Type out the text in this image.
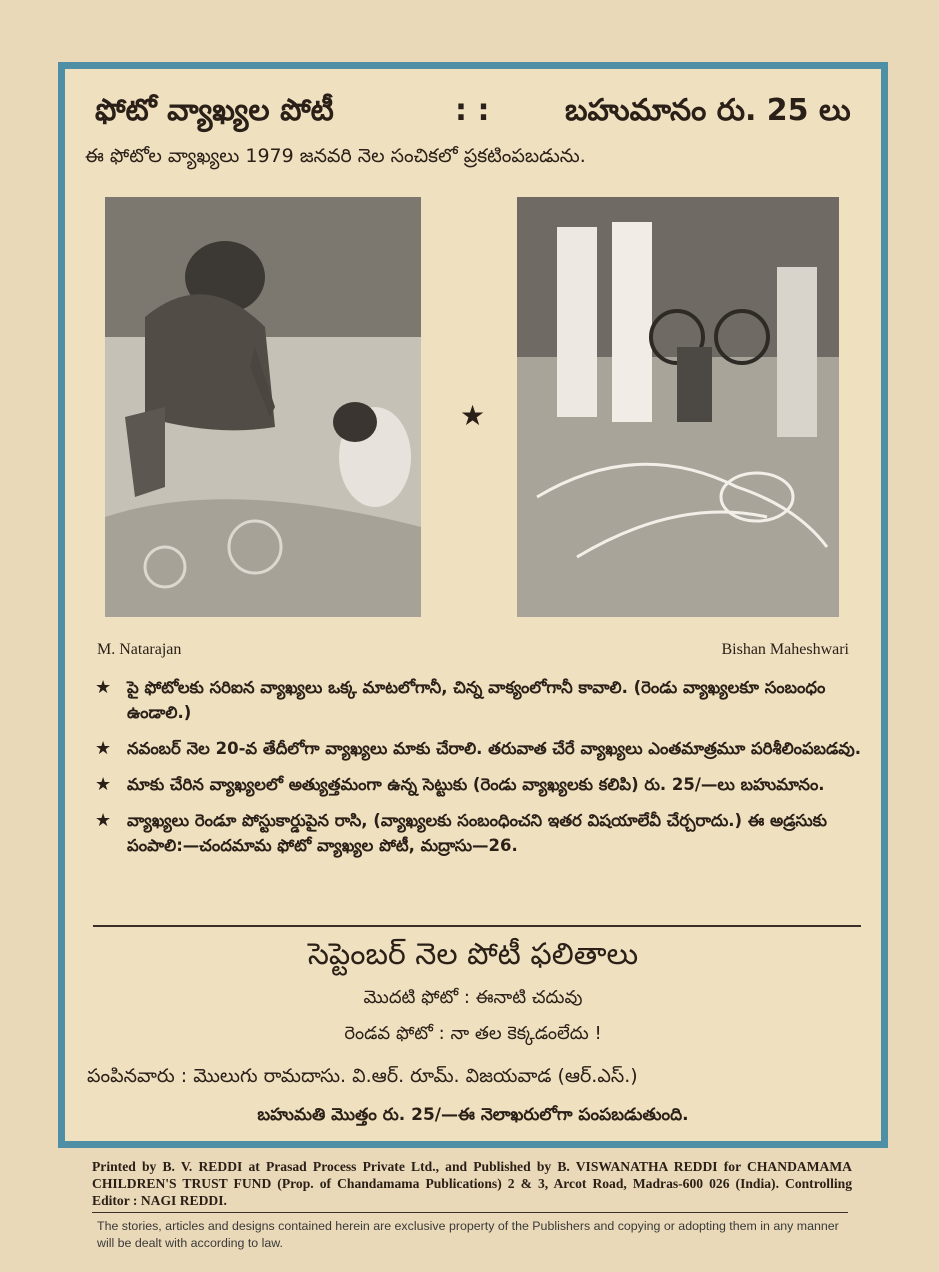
ఫోటో వ్యాఖ్యల పోటీ	: :	బహుమానం రు. 25 లు
ఈ ఫోటోల వ్యాఖ్యలు 1979 జనవరి నెల సంచికలో ప్రకటింపబడును.
★
M. Natarajan	Bishan Maheshwari
★ పై ఫోటోలకు సరిఐన వ్యాఖ్యలు ఒక్క మాటలోగానీ, చిన్న వాక్యంలోగానీ కావాలి. (రెండు వ్యాఖ్యలకూ సంబంధం ఉండాలి.)
★ నవంబర్ నెల 20-వ తేదీలోగా వ్యాఖ్యలు మాకు చేరాలి. తరువాత చేరే వ్యాఖ్యలు ఎంతమాత్రమూ పరిశీలింపబడవు.
★ మాకు చేరిన వ్యాఖ్యలలో అత్యుత్తమంగా ఉన్న సెట్టుకు (రెండు వ్యాఖ్యలకు కలిపి) రు. 25/—లు బహుమానం.
★ వ్యాఖ్యలు రెండూ పోస్టుకార్డుపైన రాసి, (వ్యాఖ్యలకు సంబంధించని ఇతర విషయాలేవీ చేర్చరాదు.) ఈ అడ్రసుకు పంపాలి:—చందమామ ఫోటో వ్యాఖ్యల పోటీ, మద్రాసు—26.
సెప్టెంబర్ నెల పోటీ ఫలితాలు
మొదటి ఫోటో : ఈనాటి చదువు
రెండవ ఫోటో : నా తల కెక్కడంలేదు !
పంపినవారు : మొలుగు రామదాసు. వి.ఆర్. రూమ్. విజయవాడ (ఆర్.ఎస్.)
బహుమతి మొత్తం రు. 25/—ఈ నెలాఖరులోగా పంపబడుతుంది.
Printed by B. V. REDDI at Prasad Process Private Ltd., and Published by B. VISWANATHA REDDI for CHANDAMAMA CHILDREN'S TRUST FUND (Prop. of Chandamama Publications) 2 & 3, Arcot Road, Madras-600 026 (India). Controlling Editor : NAGI REDDI.
The stories, articles and designs contained herein are exclusive property of the Publishers and copying or adopting them in any manner will be dealt with according to law.
